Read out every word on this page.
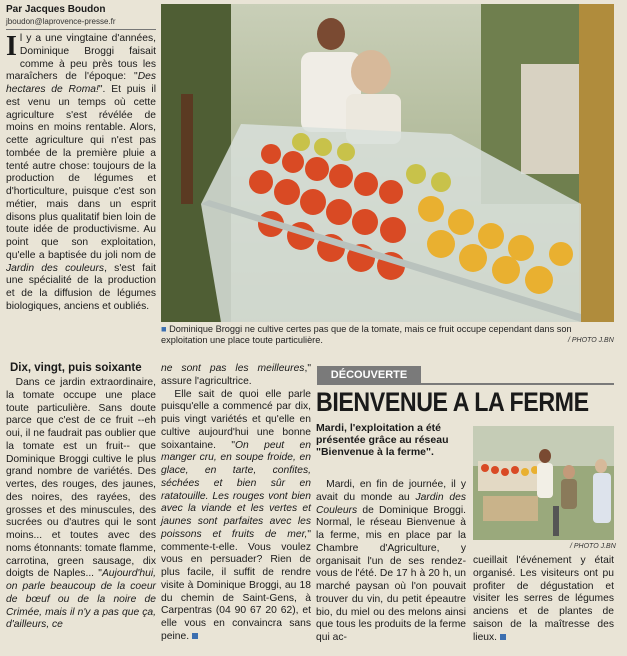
Par Jacques Boudon
jboudon@laprovence-presse.fr

Il y a une vingtaine d'années, Dominique Broggi faisait comme à peu près tous les maraîchers de l'époque: "Des hectares de Roma!". Et puis il est venu un temps où cette agriculture s'est révélée de moins en moins rentable. Alors, cette agriculture qui n'est pas tombée de la première pluie a tenté autre chose: toujours de la production de légumes et d'horticulture, puisque c'est son métier, mais dans un esprit disons plus qualitatif bien loin de toute idée de productivisme. Au point que son exploitation, qu'elle a baptisée du joli nom de Jardin des couleurs, s'est fait une spécialité de la production et de la diffusion de légumes biologiques, anciens et oubliés.

Dix, vingt, puis soixante

Dans ce jardin extraordinaire, la tomate occupe une place toute particulière. Sans doute parce que c'est de ce fruit --eh oui, il ne faudrait pas oublier que la tomate est un fruit-- que Dominique Broggi cultive le plus grand nombre de variétés. Des vertes, des rouges, des jaunes, des noires, des rayées, des grosses et des minuscules, des sucrées ou d'autres qui le sont moins... et toutes avec des noms étonnants: tomate flamme, carrotina, green sausage, dix doigts de Naples... "Aujourd'hui, on parle beaucoup de la coeur de bœuf ou de la noire de Crimée, mais il n'y a pas que ça, d'ailleurs, ce

■ Dominique Broggi ne cultive certes pas que de la tomate, mais ce fruit occupe cependant dans son exploitation une place toute particulière.	/ PHOTO J.BN

ne sont pas les meilleures," assure l'agricultrice.

Elle sait de quoi elle parle puisqu'elle a commencé par dix, puis vingt variétés et qu'elle en cultive aujourd'hui une bonne soixantaine. "On peut en manger cru, en soupe froide, en glace, en tarte, confites, séchées et bien sûr en ratatouille. Les rouges vont bien avec la viande et les vertes et jaunes sont parfaites avec les poissons et fruits de mer," commente-t-elle. Vous voulez vous en persuader? Rien de plus facile, il suffit de rendre visite à Dominique Broggi, au 18 du chemin de Saint-Gens, à Carpentras (04 90 67 20 62), et elle vous en convaincra sans peine.

DÉCOUVERTE
BIENVENUE A LA FERME
Mardi, l'exploitation a été présentée grâce au réseau "Bienvenue à la ferme".
/ PHOTO J.BN

Mardi, en fin de journée, il y avait du monde au Jardin des Couleurs de Dominique Broggi. Normal, le réseau Bienvenue à la ferme, mis en place par la Chambre d'Agriculture, y organisait l'un de ses rendez-vous de l'été. De 17 h à 20 h, un marché paysan où l'on pouvait trouver du vin, du petit épeautre bio, du miel ou des melons ainsi que tous les produits de la ferme qui ac-

cueillait l'événement y était organisé. Les visiteurs ont pu profiter de dégustation et visiter les serres de légumes anciens et de plantes de saison de la maîtresse des lieux.
